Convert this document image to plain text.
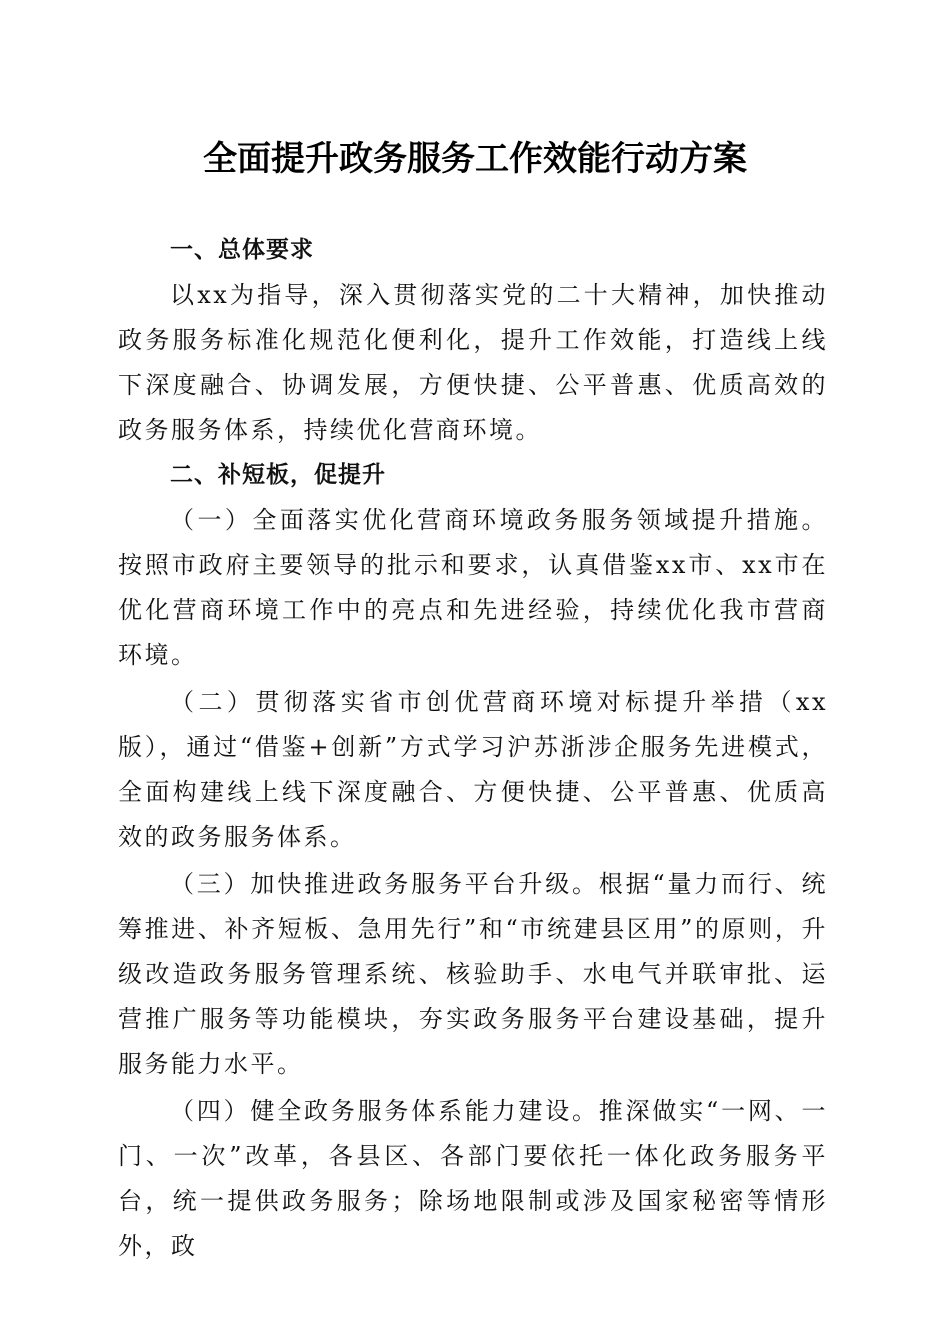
全面提升政务服务工作效能行动方案

一、总体要求

以xx为指导，深入贯彻落实党的二十大精神，加快推动政务服务标准化规范化便利化，提升工作效能，打造线上线下深度融合、协调发展，方便快捷、公平普惠、优质高效的政务服务体系，持续优化营商环境。

二、补短板，促提升

（一）全面落实优化营商环境政务服务领域提升措施。按照市政府主要领导的批示和要求，认真借鉴xx市、xx市在优化营商环境工作中的亮点和先进经验，持续优化我市营商环境。

（二）贯彻落实省市创优营商环境对标提升举措（xx版），通过“借鉴+创新”方式学习沪苏浙涉企服务先进模式，全面构建线上线下深度融合、方便快捷、公平普惠、优质高效的政务服务体系。

（三）加快推进政务服务平台升级。根据“量力而行、统筹推进、补齐短板、急用先行”和“市统建县区用”的原则，升级改造政务服务管理系统、核验助手、水电气并联审批、运营推广服务等功能模块，夯实政务服务平台建设基础，提升服务能力水平。

（四）健全政务服务体系能力建设。推深做实“一网、一门、一次”改革，各县区、各部门要依托一体化政务服务平台，统一提供政务服务；除场地限制或涉及国家秘密等情形外，政
